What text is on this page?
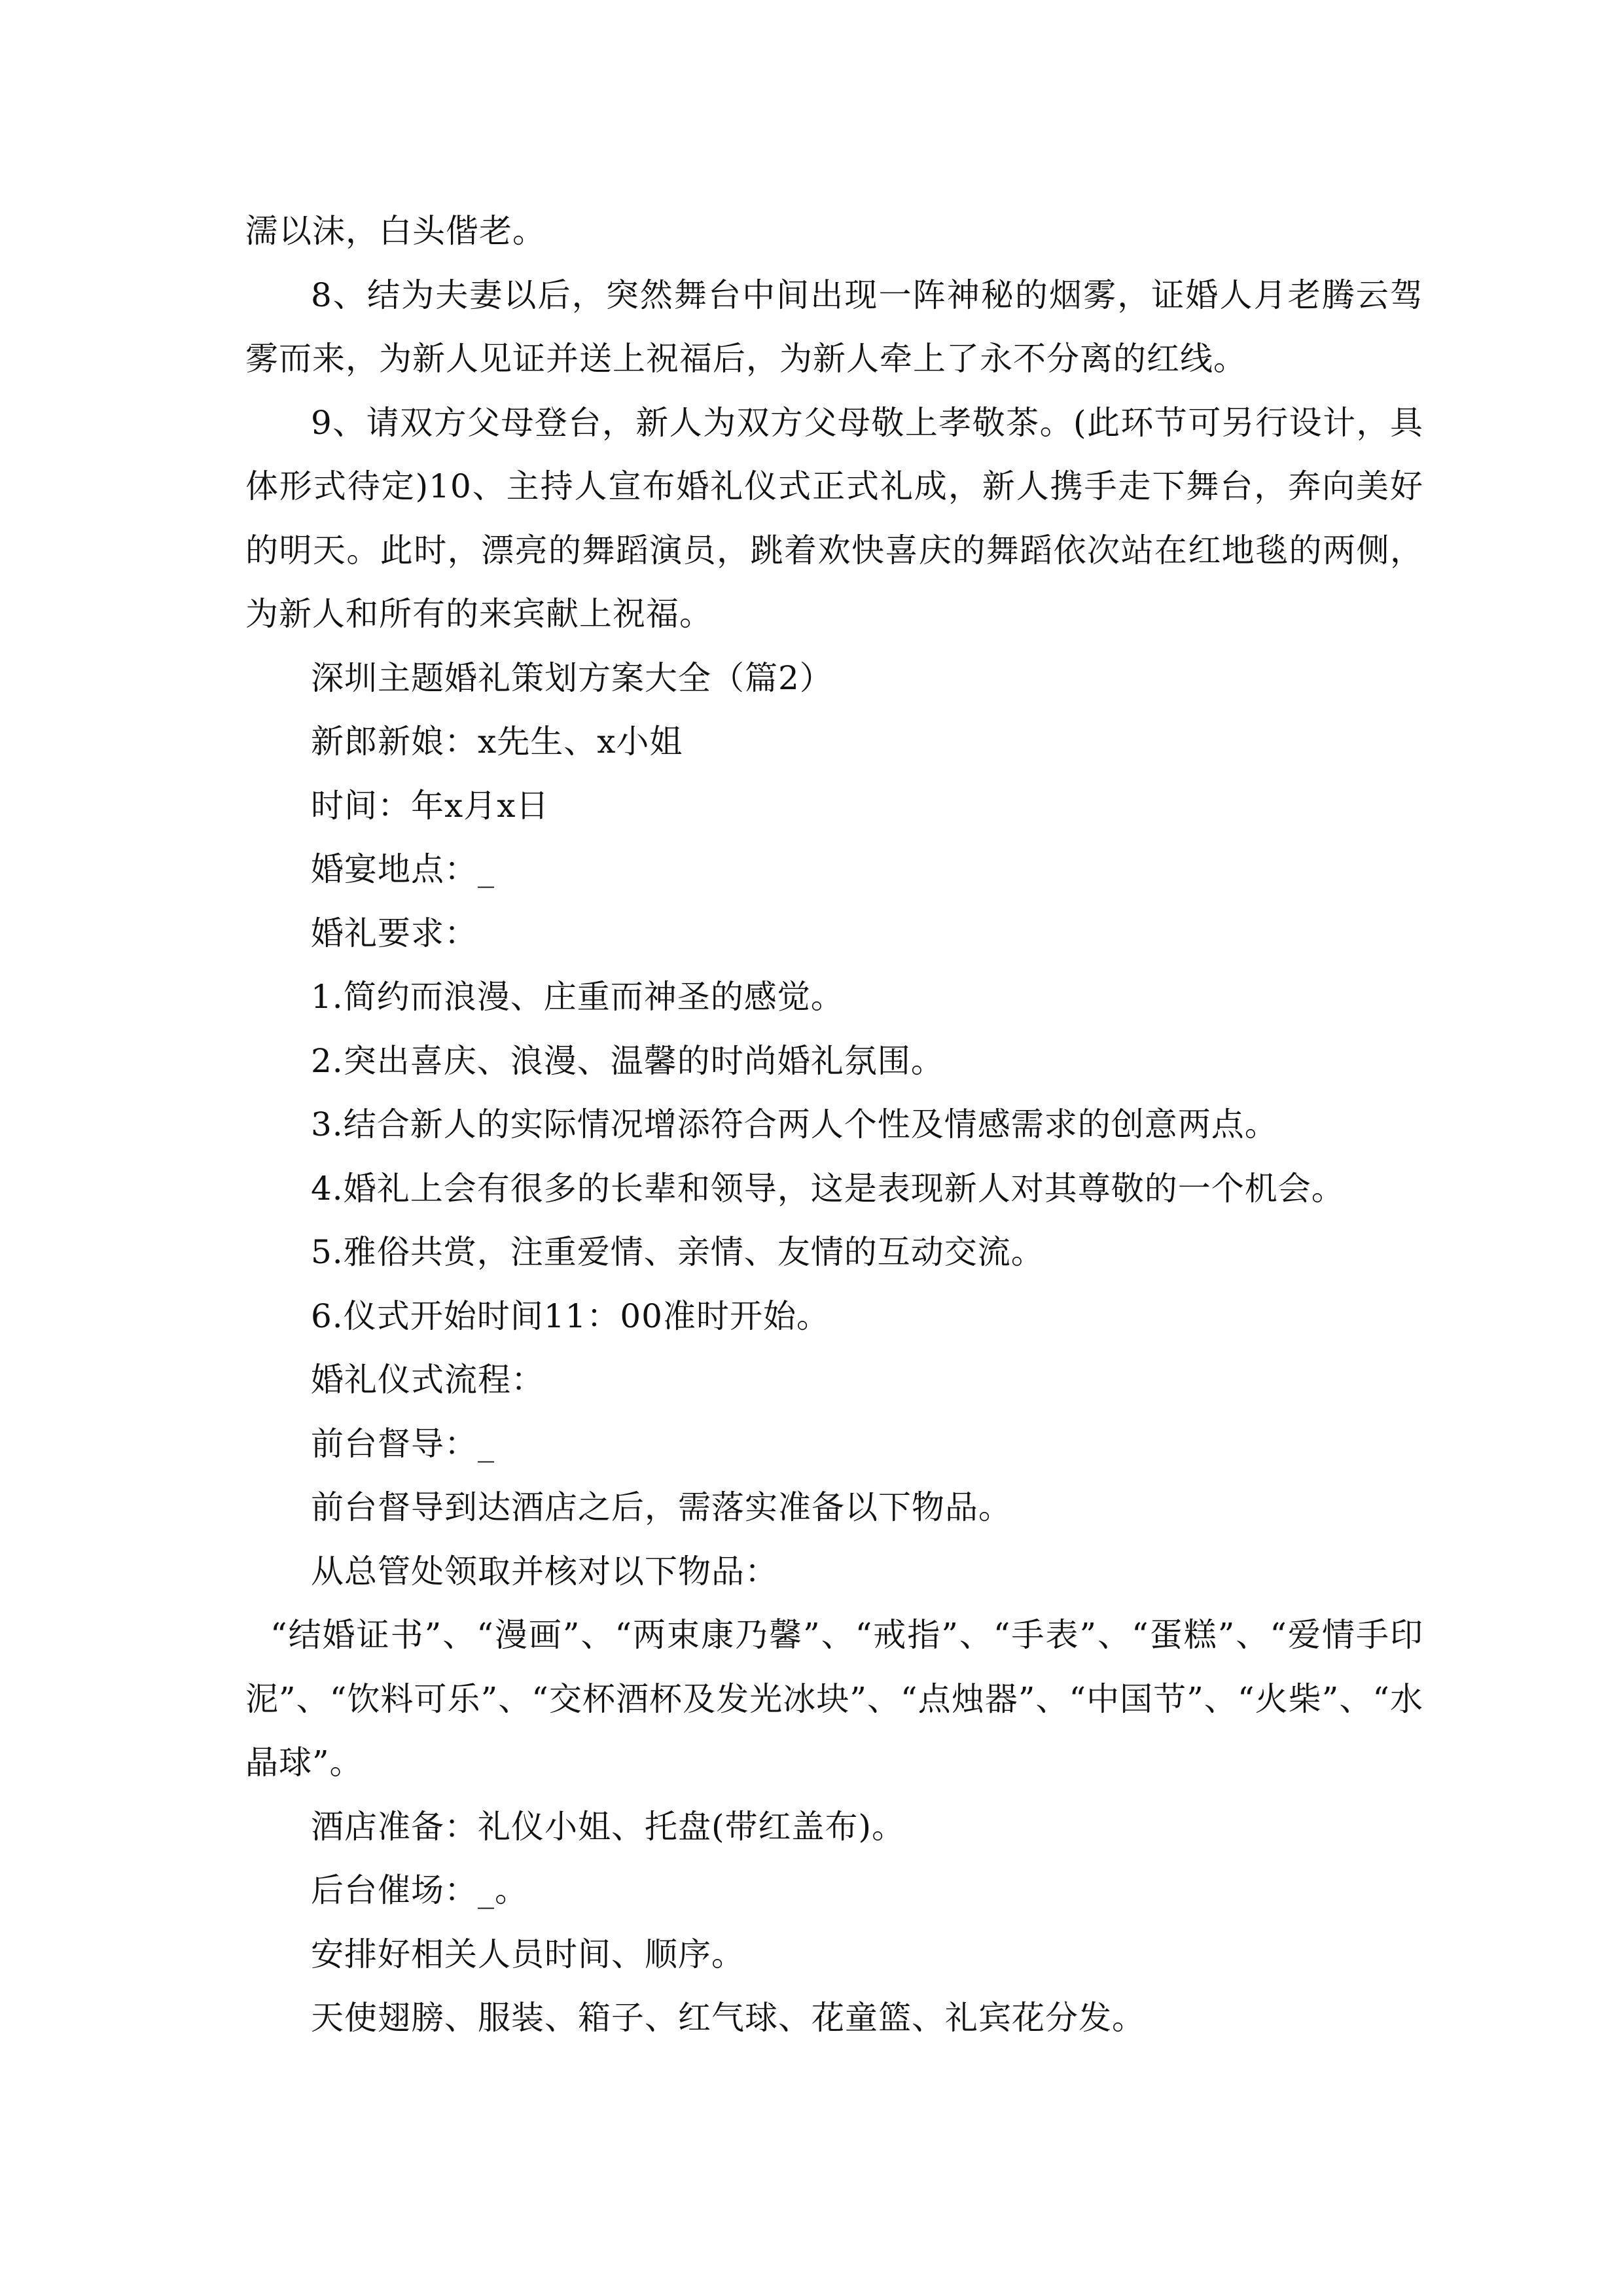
濡以沫，白头偕老。

8、结为夫妻以后，突然舞台中间出现一阵神秘的烟雾，证婚人月老腾云驾雾而来，为新人见证并送上祝福后，为新人牵上了永不分离的红线。

9、请双方父母登台，新人为双方父母敬上孝敬茶。(此环节可另行设计，具体形式待定)10、主持人宣布婚礼仪式正式礼成，新人携手走下舞台，奔向美好的明天。此时，漂亮的舞蹈演员，跳着欢快喜庆的舞蹈依次站在红地毯的两侧，为新人和所有的来宾献上祝福。

深圳主题婚礼策划方案大全（篇2）

新郎新娘：x先生、x小姐

时间：年x月x日

婚宴地点：_

婚礼要求：

1.简约而浪漫、庄重而神圣的感觉。

2.突出喜庆、浪漫、温馨的时尚婚礼氛围。

3.结合新人的实际情况增添符合两人个性及情感需求的创意两点。

4.婚礼上会有很多的长辈和领导，这是表现新人对其尊敬的一个机会。

5.雅俗共赏，注重爱情、亲情、友情的互动交流。

6.仪式开始时间11：00准时开始。

婚礼仪式流程：

前台督导：_

前台督导到达酒店之后，需落实准备以下物品。

从总管处领取并核对以下物品：

“结婚证书”、“漫画”、“两束康乃馨”、“戒指”、“手表”、“蛋糕”、“爱情手印泥”、“饮料可乐”、“交杯酒杯及发光冰块”、“点烛器”、“中国节”、“火柴”、“水晶球”。

酒店准备：礼仪小姐、托盘(带红盖布)。

后台催场：_。

安排好相关人员时间、顺序。

天使翅膀、服装、箱子、红气球、花童篮、礼宾花分发。
